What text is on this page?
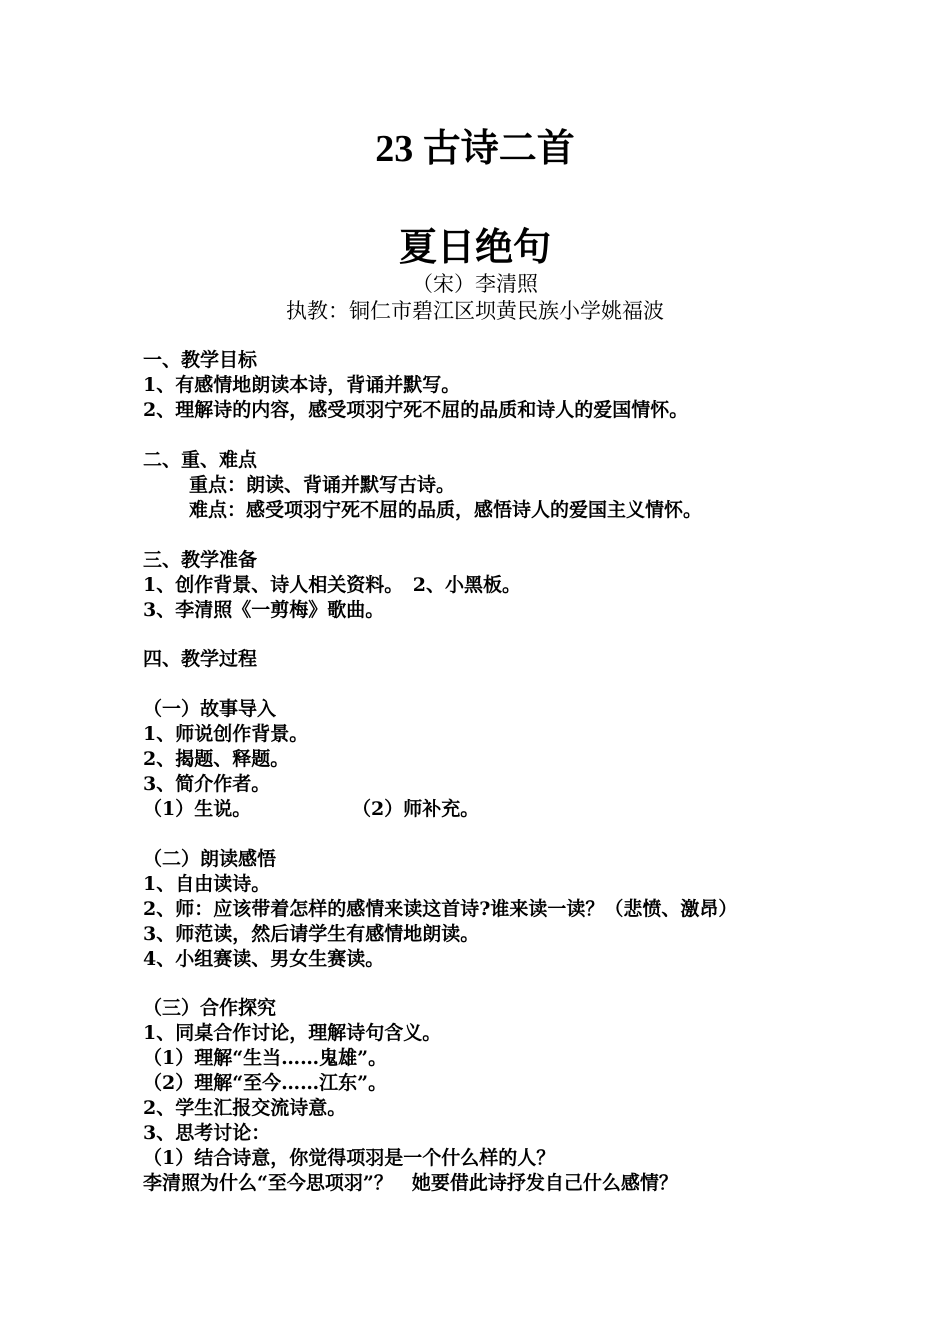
23 古诗二首
夏日绝句
（宋）李清照
执教：铜仁市碧江区坝黄民族小学姚福波
一、教学目标
1、有感情地朗读本诗，背诵并默写。
2、理解诗的内容，感受项羽宁死不屈的品质和诗人的爱国情怀。
二、重、难点
重点：朗读、背诵并默写古诗。
难点：感受项羽宁死不屈的品质，感悟诗人的爱国主义情怀。
三、教学准备
1、创作背景、诗人相关资料。　2、小黑板。
3、李清照《一剪梅》歌曲。
四、教学过程
（一）故事导入
1、师说创作背景。
2、揭题、释题。
3、简介作者。
（1）生说。	（2）师补充。
（二）朗读感悟
1、自由读诗。
2、师：应该带着怎样的感情来读这首诗?谁来读一读？（悲愤、激昂）
3、师范读，然后请学生有感情地朗读。
4、小组赛读、男女生赛读。
（三）合作探究
1、同桌合作讨论，理解诗句含义。
（1）理解“生当……鬼雄”。
（2）理解“至今……江东”。
2、学生汇报交流诗意。
3、思考讨论：
（1）结合诗意，你觉得项羽是一个什么样的人？
李清照为什么“至今思项羽”？　她要借此诗抒发自己什么感情？
